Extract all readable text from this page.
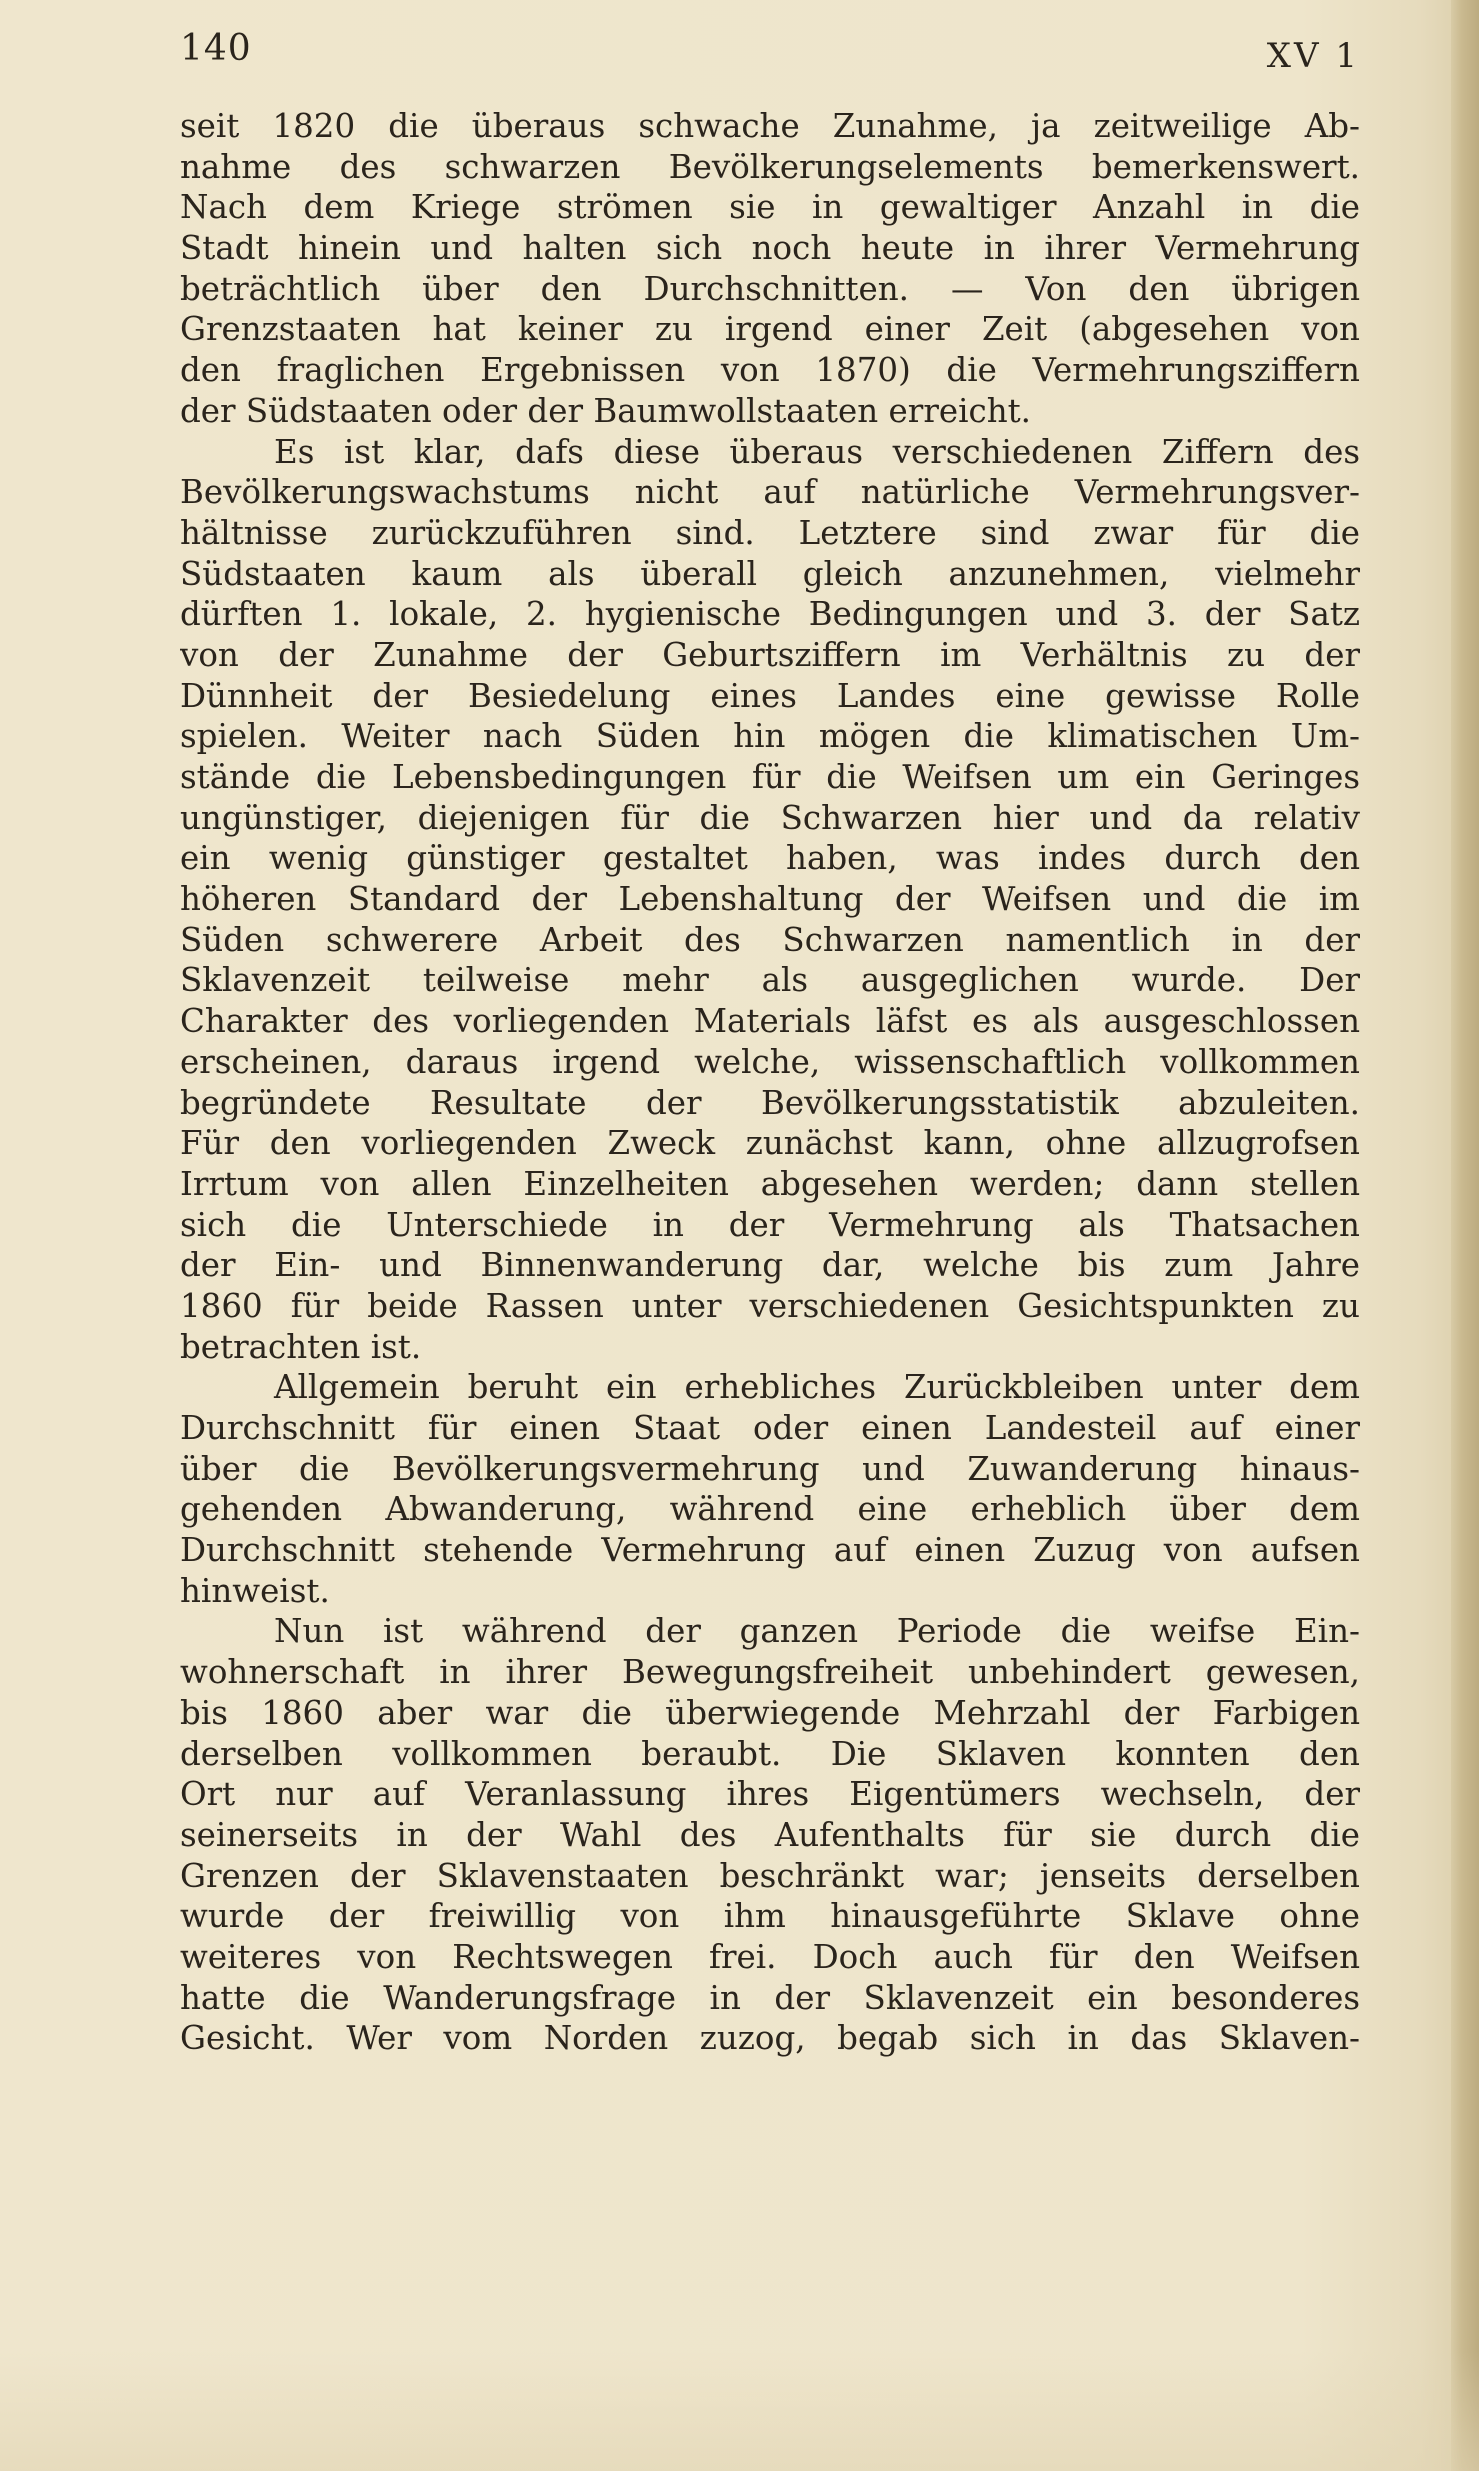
140	XV 1
seit 1820 die überaus schwache Zunahme, ja zeitweilige Ab-
nahme des schwarzen Bevölkerungselements bemerkenswert.
Nach dem Kriege strömen sie in gewaltiger Anzahl in die
Stadt hinein und halten sich noch heute in ihrer Vermehrung
beträchtlich über den Durchschnitten. — Von den übrigen
Grenzstaaten hat keiner zu irgend einer Zeit (abgesehen von
den fraglichen Ergebnissen von 1870) die Vermehrungsziffern
der Südstaaten oder der Baumwollstaaten erreicht.
Es ist klar, dafs diese überaus verschiedenen Ziffern des
Bevölkerungswachstums nicht auf natürliche Vermehrungsver-
hältnisse zurückzuführen sind. Letztere sind zwar für die
Südstaaten kaum als überall gleich anzunehmen, vielmehr
dürften 1. lokale, 2. hygienische Bedingungen und 3. der Satz
von der Zunahme der Geburtsziffern im Verhältnis zu der
Dünnheit der Besiedelung eines Landes eine gewisse Rolle
spielen. Weiter nach Süden hin mögen die klimatischen Um-
stände die Lebensbedingungen für die Weifsen um ein Geringes
ungünstiger, diejenigen für die Schwarzen hier und da relativ
ein wenig günstiger gestaltet haben, was indes durch den
höheren Standard der Lebenshaltung der Weifsen und die im
Süden schwerere Arbeit des Schwarzen namentlich in der
Sklavenzeit teilweise mehr als ausgeglichen wurde. Der
Charakter des vorliegenden Materials läfst es als ausgeschlossen
erscheinen, daraus irgend welche, wissenschaftlich vollkommen
begründete Resultate der Bevölkerungsstatistik abzuleiten.
Für den vorliegenden Zweck zunächst kann, ohne allzugrofsen
Irrtum von allen Einzelheiten abgesehen werden; dann stellen
sich die Unterschiede in der Vermehrung als Thatsachen
der Ein- und Binnenwanderung dar, welche bis zum Jahre
1860 für beide Rassen unter verschiedenen Gesichtspunkten zu
betrachten ist.
Allgemein beruht ein erhebliches Zurückbleiben unter dem
Durchschnitt für einen Staat oder einen Landesteil auf einer
über die Bevölkerungsvermehrung und Zuwanderung hinaus-
gehenden Abwanderung, während eine erheblich über dem
Durchschnitt stehende Vermehrung auf einen Zuzug von aufsen
hinweist.
Nun ist während der ganzen Periode die weifse Ein-
wohnerschaft in ihrer Bewegungsfreiheit unbehindert gewesen,
bis 1860 aber war die überwiegende Mehrzahl der Farbigen
derselben vollkommen beraubt. Die Sklaven konnten den
Ort nur auf Veranlassung ihres Eigentümers wechseln, der
seinerseits in der Wahl des Aufenthalts für sie durch die
Grenzen der Sklavenstaaten beschränkt war; jenseits derselben
wurde der freiwillig von ihm hinausgeführte Sklave ohne
weiteres von Rechtswegen frei. Doch auch für den Weifsen
hatte die Wanderungsfrage in der Sklavenzeit ein besonderes
Gesicht. Wer vom Norden zuzog, begab sich in das Sklaven-
